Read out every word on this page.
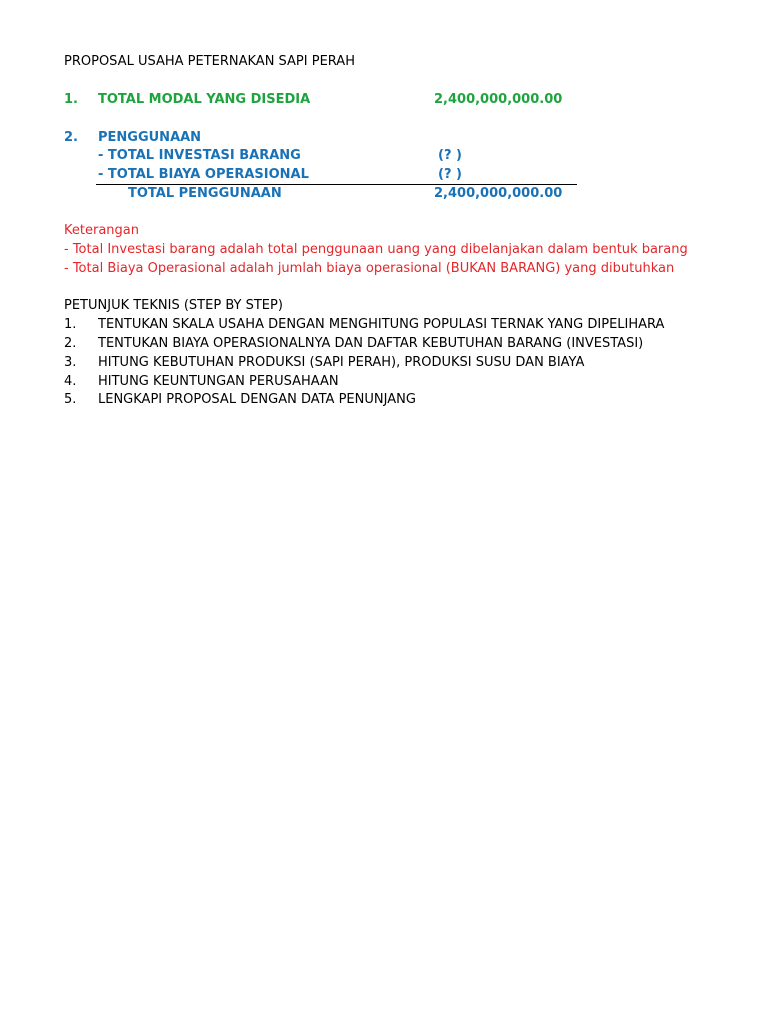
PROPOSAL USAHA PETERNAKAN SAPI PERAH
1. TOTAL MODAL YANG DISEDIA	2,400,000,000.00
2. PENGGUNAAN
- TOTAL INVESTASI BARANG	(? )
- TOTAL BIAYA OPERASIONAL	(? )
TOTAL PENGGUNAAN	2,400,000,000.00
Keterangan
- Total Investasi barang adalah total penggunaan uang yang dibelanjakan dalam bentuk barang
- Total Biaya Operasional adalah jumlah biaya operasional (BUKAN BARANG) yang dibutuhkan
PETUNJUK TEKNIS (STEP BY STEP)
1. TENTUKAN SKALA USAHA DENGAN MENGHITUNG POPULASI TERNAK YANG DIPELIHARA
2. TENTUKAN BIAYA OPERASIONALNYA DAN DAFTAR KEBUTUHAN BARANG (INVESTASI)
3. HITUNG KEBUTUHAN PRODUKSI (SAPI PERAH), PRODUKSI SUSU DAN BIAYA
4. HITUNG KEUNTUNGAN PERUSAHAAN
5. LENGKAPI PROPOSAL DENGAN DATA PENUNJANG
